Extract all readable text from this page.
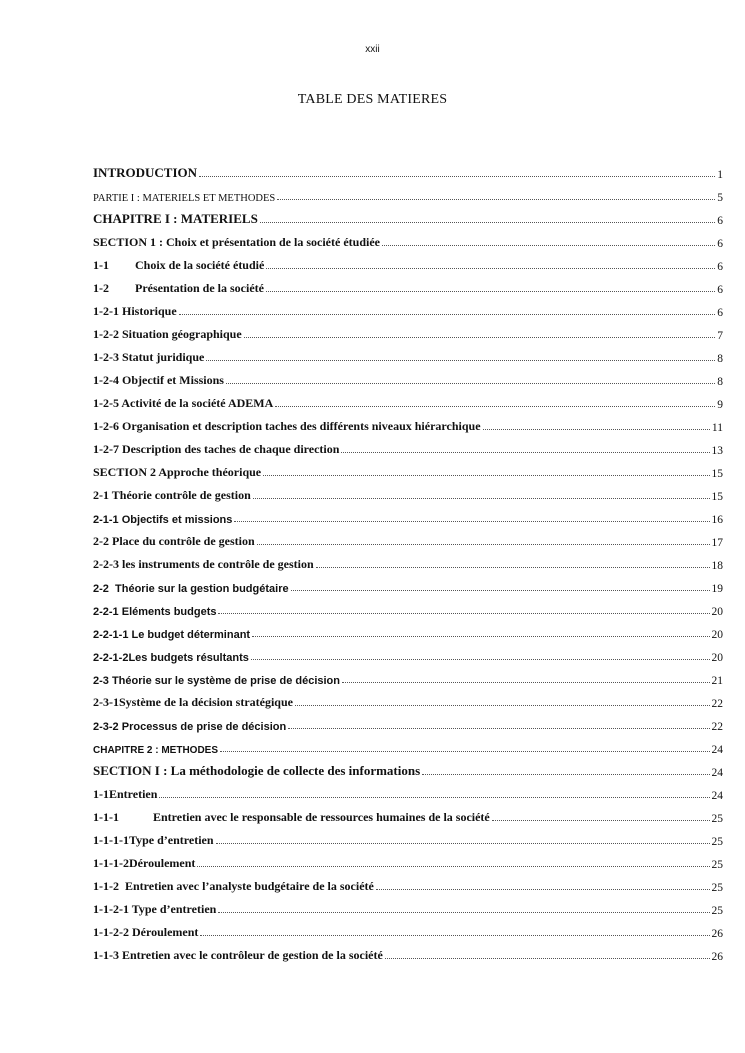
xxii
TABLE DES MATIERES
INTRODUCTION	1
PARTIE I : MATERIELS ET METHODES	5
CHAPITRE I : MATERIELS	6
SECTION 1 : Choix et présentation de la société étudiée	6
1-1 Choix de la société étudié	6
1-2 Présentation de la société	6
1-2-1 Historique	6
1-2-2 Situation géographique	7
1-2-3 Statut juridique	8
1-2-4 Objectif et Missions	8
1-2-5 Activité de la société ADEMA	9
1-2-6 Organisation et description taches des différents niveaux hiérarchique	11
1-2-7 Description des taches de chaque direction	13
SECTION 2 Approche théorique	15
2-1 Théorie contrôle de gestion	15
2-1-1 Objectifs et missions	16
2-2 Place du contrôle de gestion	17
2-2-3 les instruments de contrôle de gestion	18
2-2  Théorie sur la gestion budgétaire	19
2-2-1 Eléments budgets	20
2-2-1-1 Le budget déterminant	20
2-2-1-2Les budgets résultants	20
2-3 Théorie sur le système de prise de décision	21
2-3-1Système de la décision stratégique	22
2-3-2 Processus de prise de décision	22
CHAPITRE 2 : METHODES	24
SECTION I : La méthodologie de collecte des informations	24
1-1Entretien	24
1-1-1	Entretien avec le responsable de ressources humaines de la société	25
1-1-1-1Type d’entretien	25
1-1-1-2Déroulement	25
1-1-2  Entretien avec l’analyste budgétaire de la société	25
1-1-2-1 Type d’entretien	25
1-1-2-2 Déroulement	26
1-1-3 Entretien avec le contrôleur de gestion de la société	26
